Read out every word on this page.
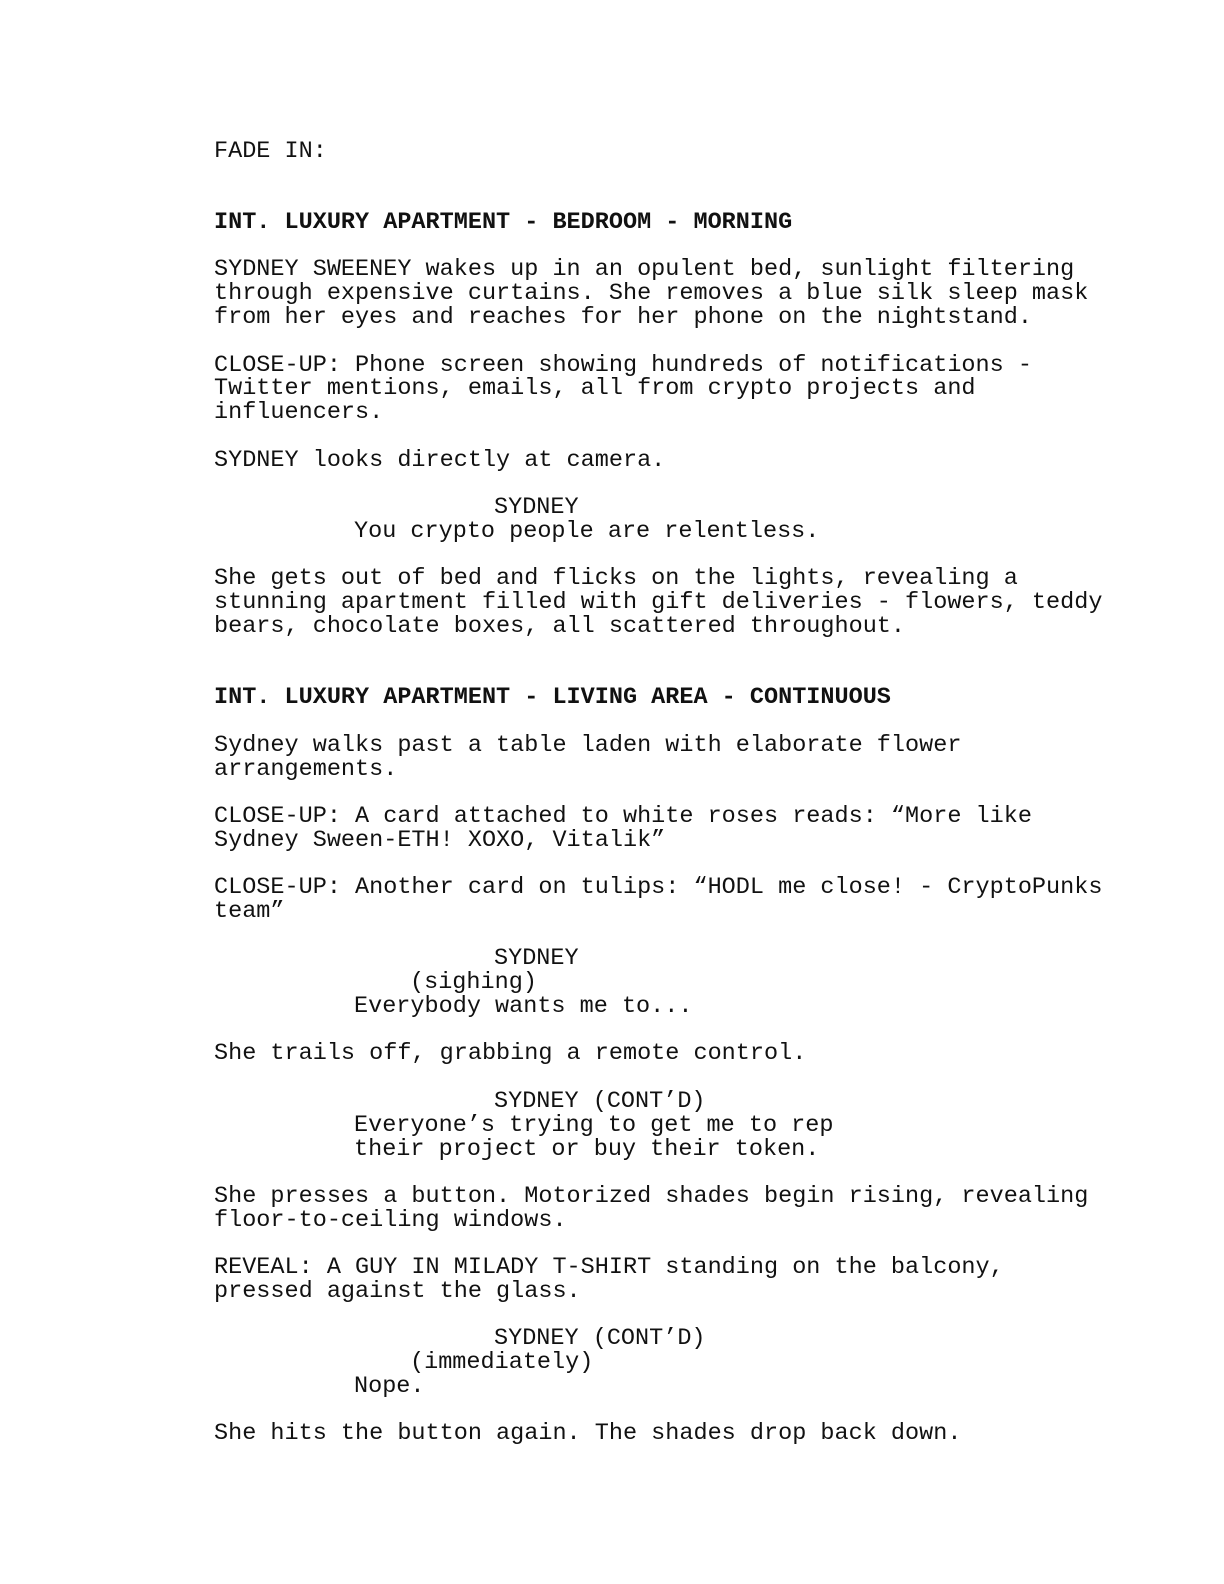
FADE IN:

INT. LUXURY APARTMENT - BEDROOM - MORNING

SYDNEY SWEENEY wakes up in an opulent bed, sunlight filtering

through expensive curtains. She removes a blue silk sleep mask

from her eyes and reaches for her phone on the nightstand.

CLOSE-UP: Phone screen showing hundreds of notifications -

Twitter mentions, emails, all from crypto projects and

influencers.

SYDNEY looks directly at camera.

SYDNEY

You crypto people are relentless.

She gets out of bed and flicks on the lights, revealing a

stunning apartment filled with gift deliveries - flowers, teddy

bears, chocolate boxes, all scattered throughout.

INT. LUXURY APARTMENT - LIVING AREA - CONTINUOUS

Sydney walks past a table laden with elaborate flower

arrangements.

CLOSE-UP: A card attached to white roses reads: “More like

Sydney Sween-ETH! XOXO, Vitalik”

CLOSE-UP: Another card on tulips: “HODL me close! - CryptoPunks

team”

SYDNEY

(sighing)

Everybody wants me to...

She trails off, grabbing a remote control.

SYDNEY (CONT’D)

Everyone’s trying to get me to rep

their project or buy their token.

She presses a button. Motorized shades begin rising, revealing

floor-to-ceiling windows.

REVEAL: A GUY IN MILADY T-SHIRT standing on the balcony,

pressed against the glass.

SYDNEY (CONT’D)

(immediately)

Nope.

She hits the button again. The shades drop back down.
